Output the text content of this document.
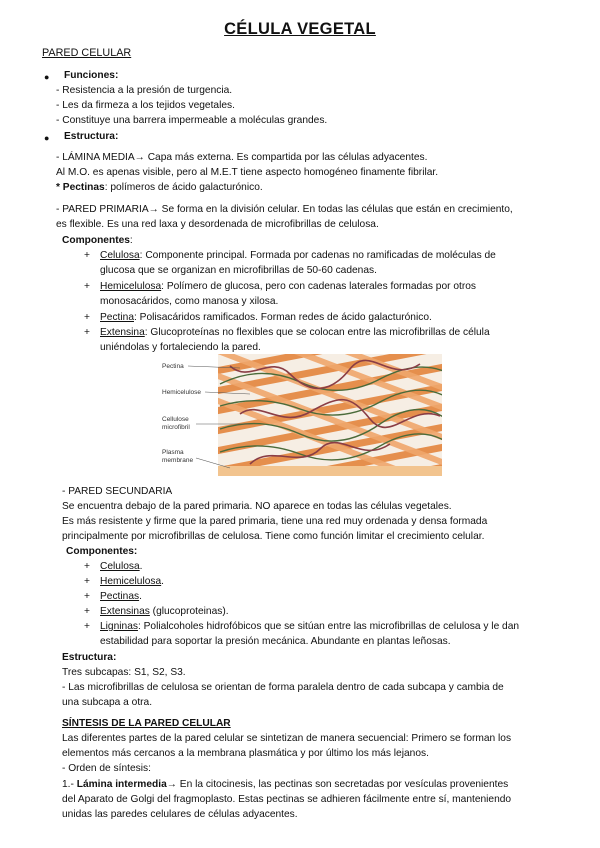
CÉLULA VEGETAL
PARED CELULAR
● Funciones:
- Resistencia a la presión de turgencia.
- Les da firmeza a los tejidos vegetales.
- Constituye una barrera impermeable a moléculas grandes.
● Estructura:
- LÁMINA MEDIA→ Capa más externa. Es compartida por las células adyacentes.
Al M.O. es apenas visible, pero al M.E.T tiene aspecto homogéneo finamente fibrilar.
* Pectinas: polímeros de ácido galacturónico.
- PARED PRIMARIA→ Se forma en la división celular. En todas las células que están en crecimiento,
es flexible. Es una red laxa y desordenada de microfibrillas de celulosa.
Componentes:
+ Celulosa: Componente principal. Formada por cadenas no ramificadas de moléculas de
glucosa que se organizan en microfibrillas de 50-60 cadenas.
+ Hemicelulosa: Polímero de glucosa, pero con cadenas laterales formadas por otros
monosacáridos, como manosa y xilosa.
+ Pectina: Polisacáridos ramificados. Forman redes de ácido galacturónico.
+ Extensina: Glucoproteínas no flexibles que se colocan entre las microfibrillas de célula
uniéndolas y fortaleciendo la pared.
Pectina
Hemicelulose
Cellulose
microfibril
Plasma
membrane
- PARED SECUNDARIA
Se encuentra debajo de la pared primaria. NO aparece en todas las células vegetales.
Es más resistente y firme que la pared primaria, tiene una red muy ordenada y densa formada
principalmente por microfibrillas de celulosa. Tiene como función limitar el crecimiento celular.
Componentes:
+ Celulosa.
+ Hemicelulosa.
+ Pectinas.
+ Extensinas (glucoproteinas).
+ Ligninas: Polialcoholes hidrofóbicos que se sitúan entre las microfibrillas de celulosa y le dan
estabilidad para soportar la presión mecánica. Abundante en plantas leñosas.
Estructura:
Tres subcapas: S1, S2, S3.
- Las microfibrillas de celulosa se orientan de forma paralela dentro de cada subcapa y cambia de
una subcapa a otra.
SÍNTESIS DE LA PARED CELULAR
Las diferentes partes de la pared celular se sintetizan de manera secuencial: Primero se forman los
elementos más cercanos a la membrana plasmática y por último los más lejanos.
- Orden de síntesis:
1.- Lámina intermedia→ En la citocinesis, las pectinas son secretadas por vesículas provenientes
del Aparato de Golgi del fragmoplasto. Estas pectinas se adhieren fácilmente entre sí, manteniendo
unidas las paredes celulares de células adyacentes.
